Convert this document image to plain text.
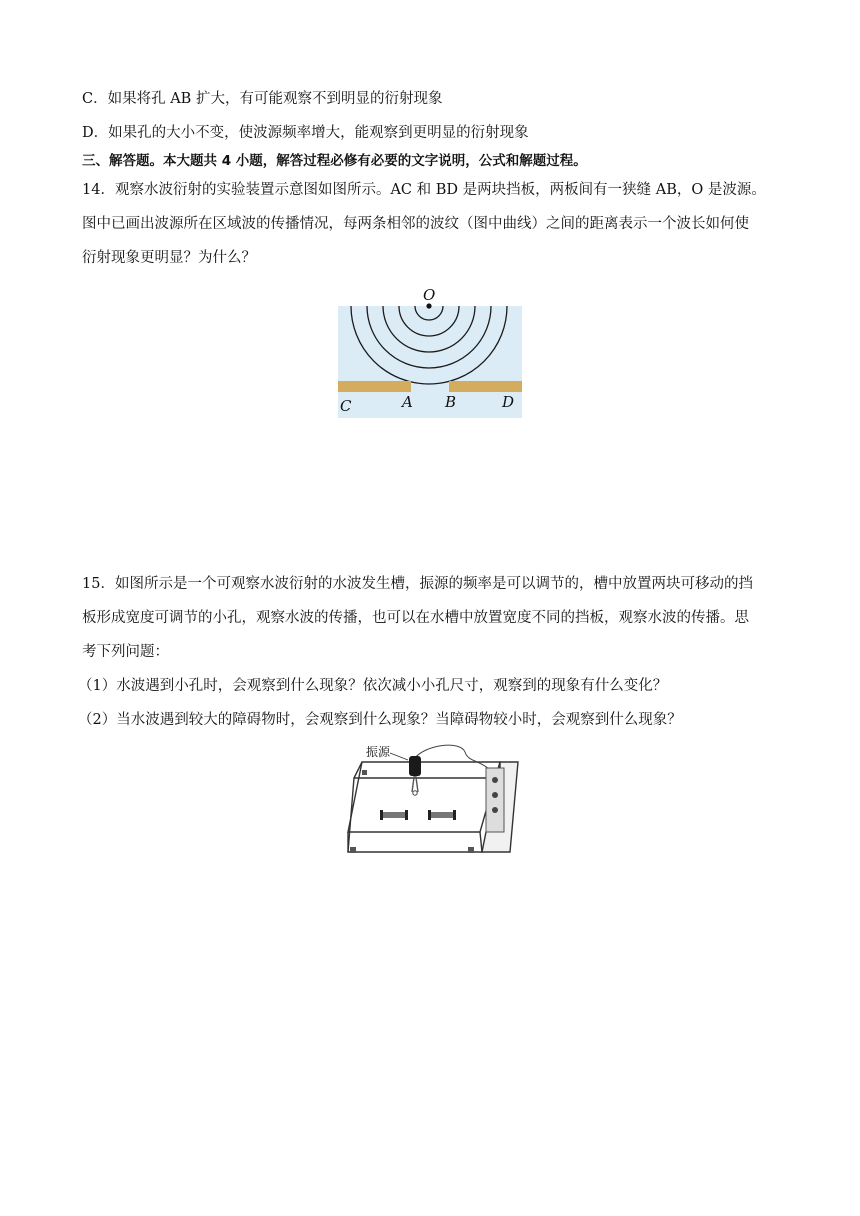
C．如果将孔 AB 扩大，有可能观察不到明显的衍射现象
D．如果孔的大小不变，使波源频率增大，能观察到更明显的衍射现象
三、解答题。本大题共 4 小题，解答过程必修有必要的文字说明，公式和解题过程。
14．观察水波衍射的实验装置示意图如图所示。AC 和 BD 是两块挡板，两板间有一狭缝 AB，O 是波源。
图中已画出波源所在区域波的传播情况，每两条相邻的波纹（图中曲线）之间的距离表示一个波长如何使
衍射现象更明显？为什么？
O
C	A B	D
15．如图所示是一个可观察水波衍射的水波发生槽，振源的频率是可以调节的，槽中放置两块可移动的挡
板形成宽度可调节的小孔，观察水波的传播，也可以在水槽中放置宽度不同的挡板，观察水波的传播。思
考下列问题：
（1）水波遇到小孔时，会观察到什么现象？依次减小小孔尺寸，观察到的现象有什么变化？
（2）当水波遇到较大的障碍物时，会观察到什么现象？当障碍物较小时，会观察到什么现象？
振源
